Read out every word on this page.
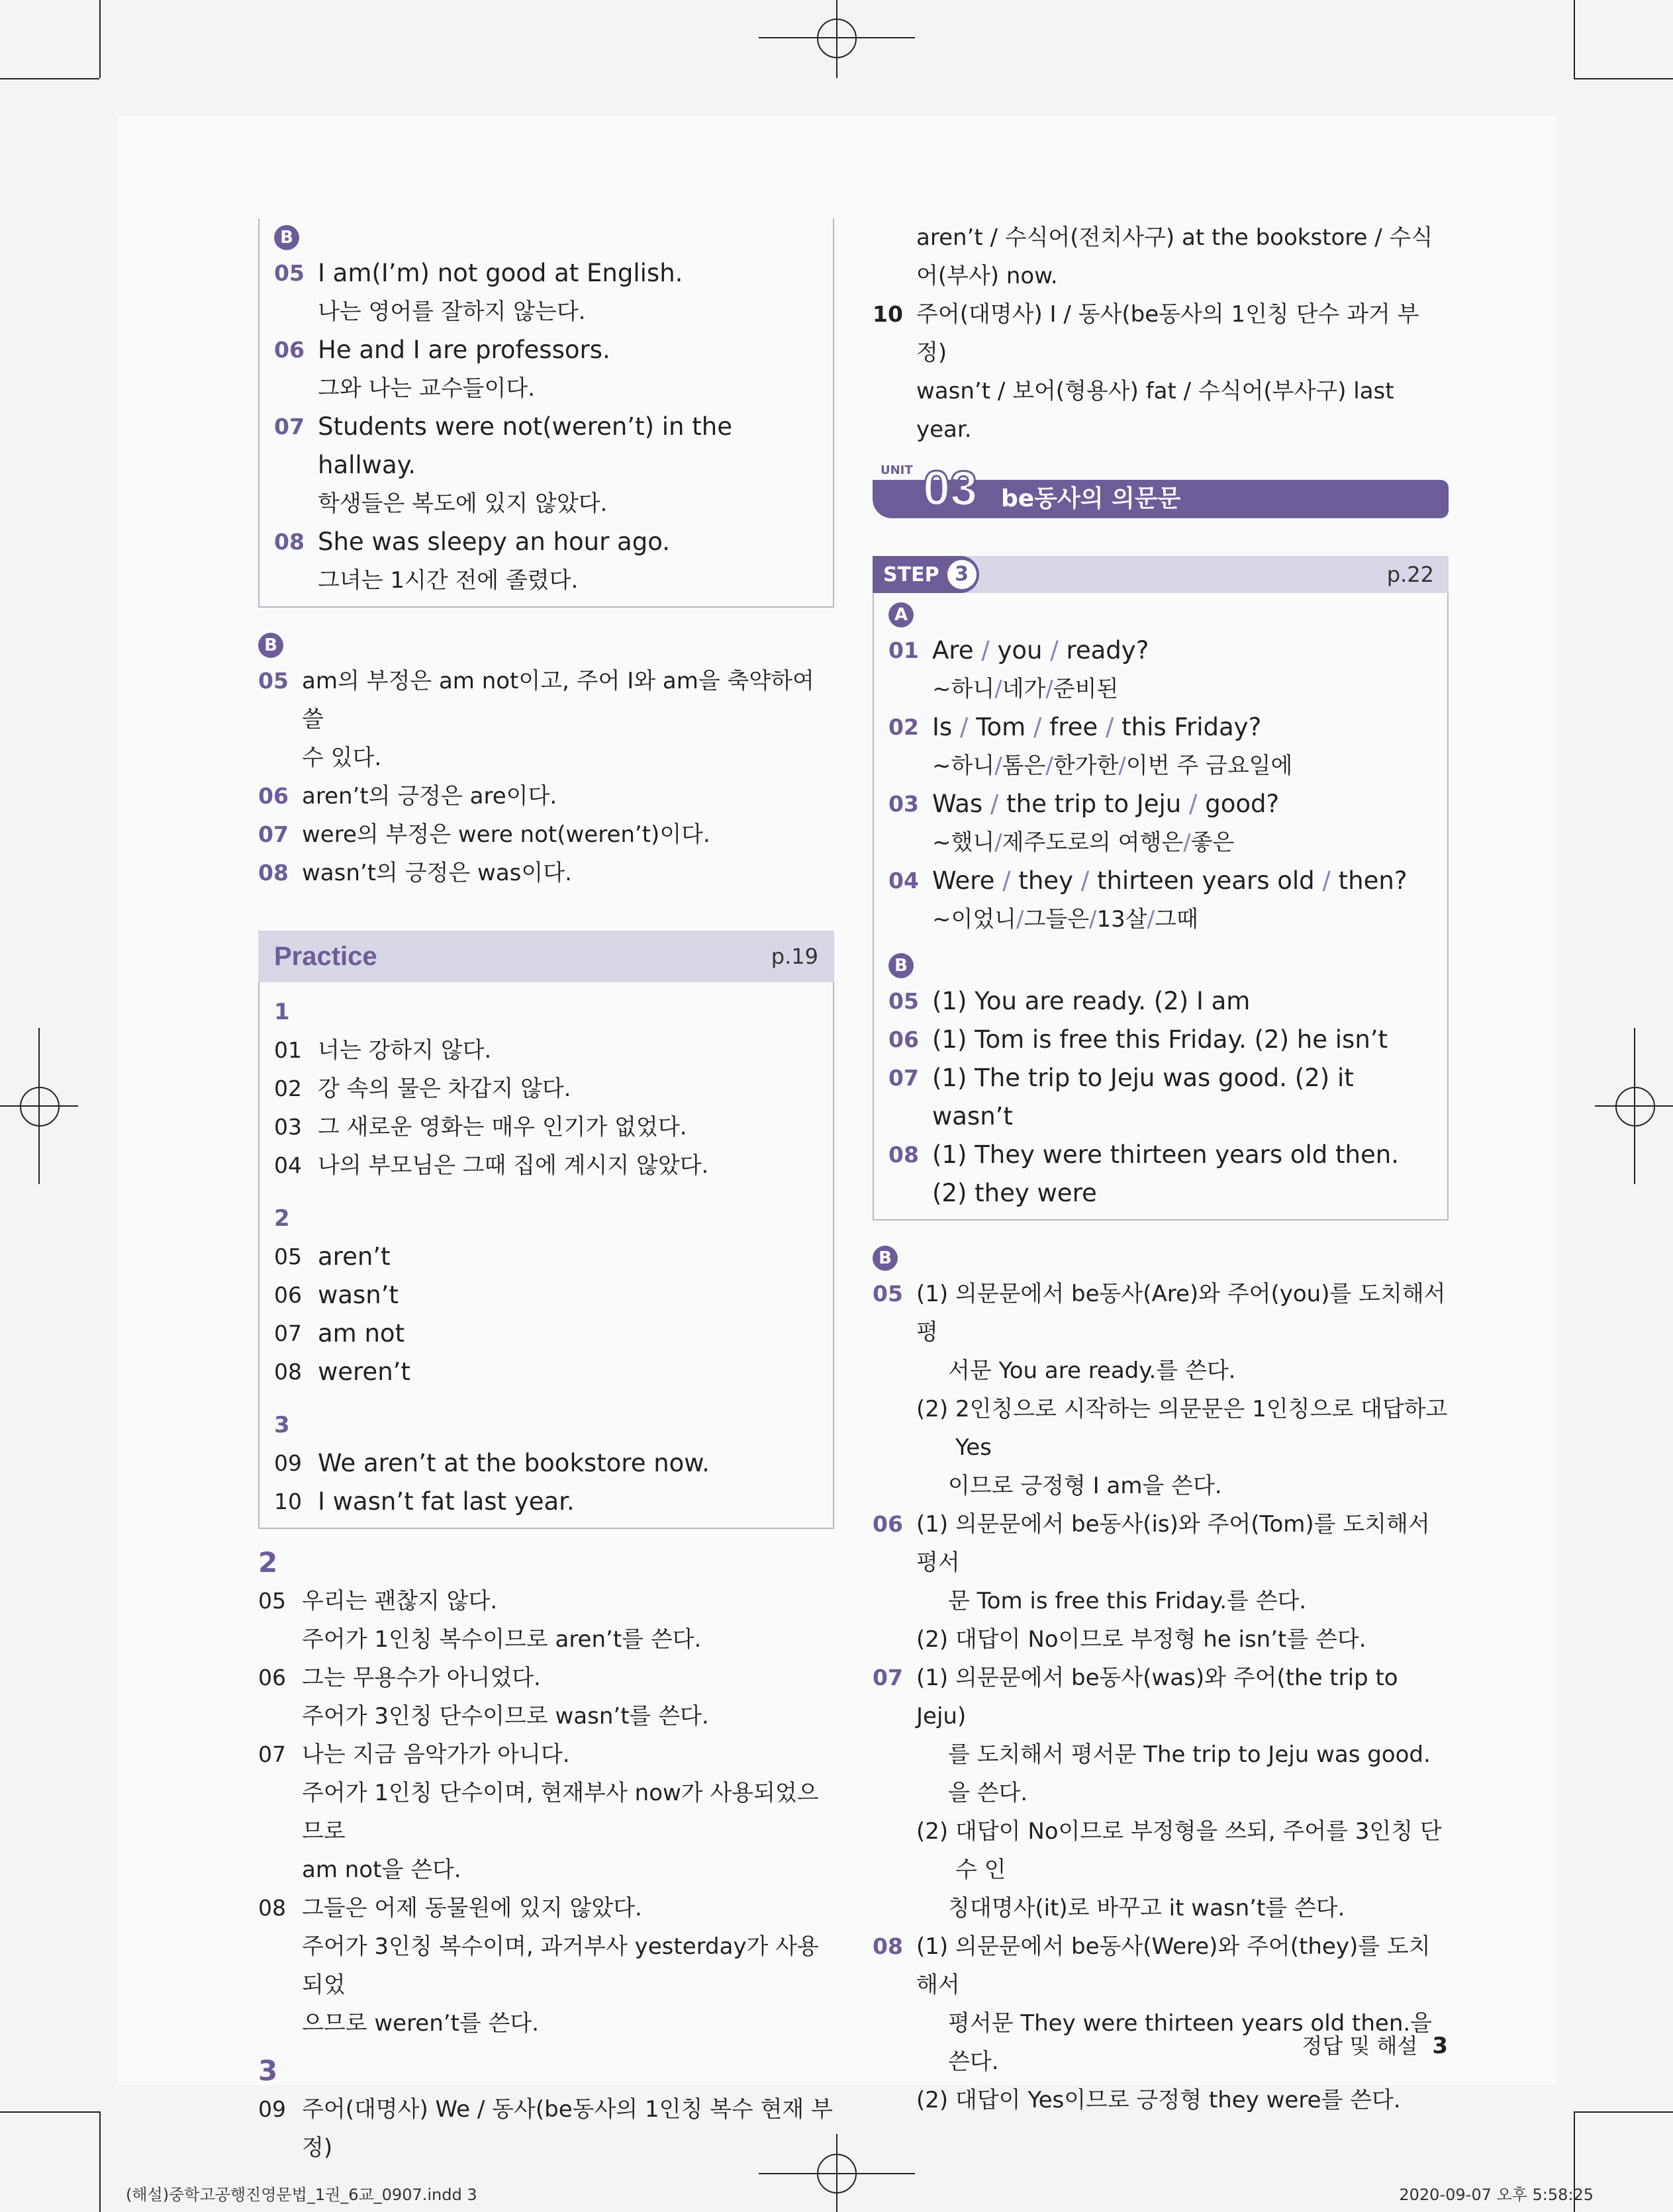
B
05 I am(I’m) not good at English.
나는 영어를 잘하지 않는다.
06 He and I are professors.
그와 나는 교수들이다.
07 Students were not(weren’t) in the hallway.
학생들은 복도에 있지 않았다.
08 She was sleepy an hour ago.
그녀는 1시간 전에 졸렸다.
B
05 am의 부정은 am not이고, 주어 I와 am을 축약하여 쓸
수 있다.
06 aren’t의 긍정은 are이다.
07 were의 부정은 were not(weren’t)이다.
08 wasn’t의 긍정은 was이다.
Practice	p.19
1
01 너는 강하지 않다.
02 강 속의 물은 차갑지 않다.
03 그 새로운 영화는 매우 인기가 없었다.
04 나의 부모님은 그때 집에 계시지 않았다.
2
05 aren’t
06 wasn’t
07 am not
08 weren’t
3
09 We aren’t at the bookstore now.
10 I wasn’t fat last year.
2
05 우리는 괜찮지 않다.
주어가 1인칭 복수이므로 aren’t를 쓴다.
06 그는 무용수가 아니었다.
주어가 3인칭 단수이므로 wasn’t를 쓴다.
07 나는 지금 음악가가 아니다.
주어가 1인칭 단수이며, 현재부사 now가 사용되었으므로
am not을 쓴다.
08 그들은 어제 동물원에 있지 않았다.
주어가 3인칭 복수이며, 과거부사 yesterday가 사용되었
으므로 weren’t를 쓴다.
3
09 주어(대명사) We / 동사(be동사의 1인칭 복수 현재 부정)
aren’t / 수식어(전치사구) at the bookstore / 수식
어(부사) now.
10 주어(대명사) I / 동사(be동사의 1인칭 단수 과거 부정)
wasn’t / 보어(형용사) fat / 수식어(부사구) last year.
UNIT 03 be동사의 의문문
STEP 3	p.22
A
01 Are / you / ready?
~하니 / 네가 / 준비된
02 Is / Tom / free / this Friday?
~하니 / 톰은 / 한가한 / 이번 주 금요일에
03 Was / the trip to Jeju / good?
~했니 / 제주도로의 여행은 / 좋은
04 Were / they / thirteen years old / then?
~이었니 / 그들은 / 13살 / 그때
B
05 (1) You are ready. (2) I am
06 (1) Tom is free this Friday. (2) he isn’t
07 (1) The trip to Jeju was good. (2) it wasn’t
08 (1) They were thirteen years old then.
(2) they were
B
05 (1) 의문문에서 be동사(Are)와 주어(you)를 도치해서 평
서문 You are ready.를 쓴다.
(2)
2인칭으로 시작하는 의문문은 1인칭으로 대답하고 Yes
이므로 긍정형 I am을 쓴다.
06 (1) 의문문에서 be동사(is)와 주어(Tom)를 도치해서 평서
문 Tom is free this Friday.를 쓴다.
(2)
대답이 No이므로 부정형 he isn’t를 쓴다.
07 (1) 의문문에서 be동사(was)와 주어(the trip to Jeju)
를 도치해서 평서문 The trip to Jeju was good.
을 쓴다.
(2)
대답이 No이므로 부정형을 쓰되, 주어를 3인칭 단수 인
칭대명사(it)로 바꾸고 it wasn’t를 쓴다.
08 (1) 의문문에서 be동사(Were)와 주어(they)를 도치해서
평서문 They were thirteen years old then.을
쓴다.
(2)
대답이 Yes이므로 긍정형 they were를 쓴다.
정답 및 해설 3
(해설)중학고공행진영문법_1권_6교_0907.indd 3	2020-09-07 오후 5:58:25
